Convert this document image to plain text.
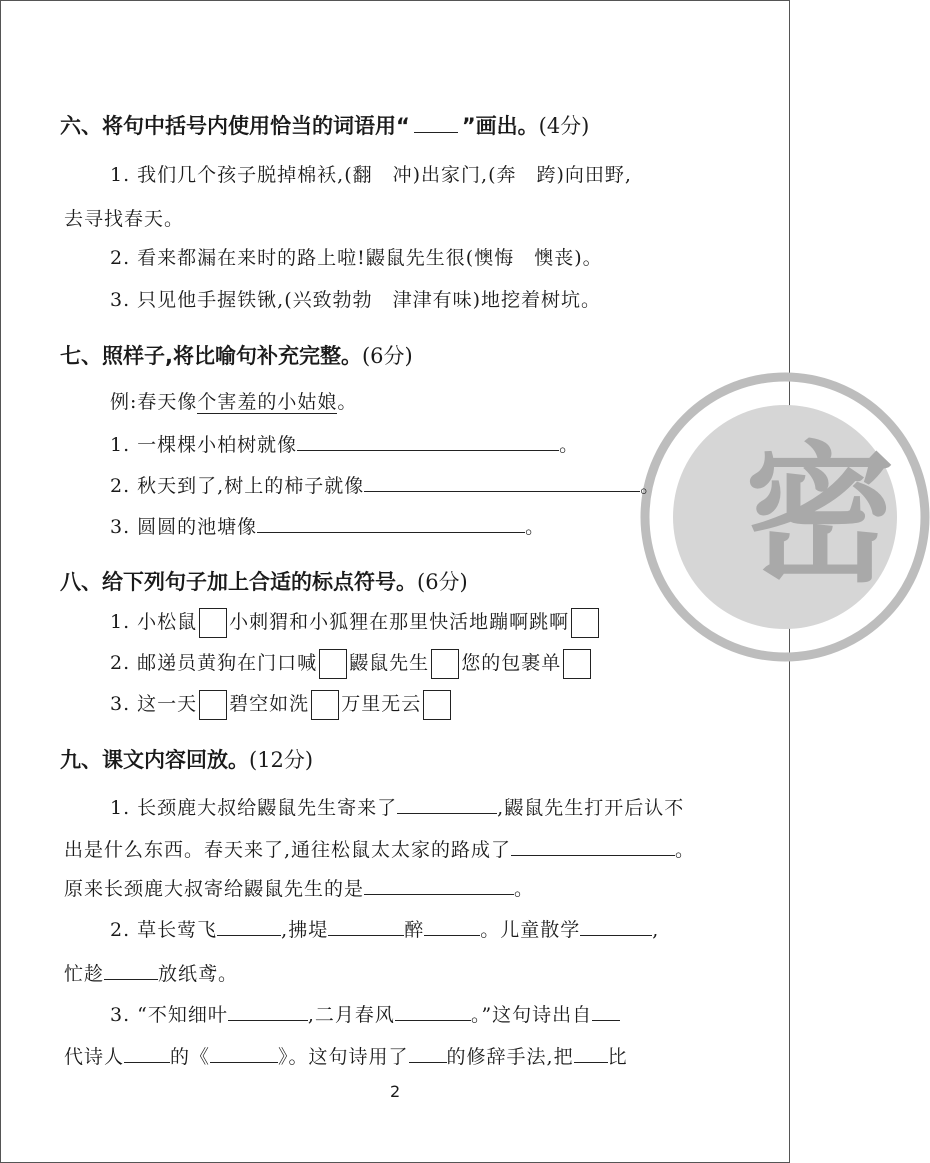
密
六、将句中括号内使用恰当的词语用“ ”画出。(4分)
1. 我们几个孩子脱掉棉袄,(翻　冲)出家门,(奔　跨)向田野,
去寻找春天。
2. 看来都漏在来时的路上啦!鼹鼠先生很(懊悔　懊丧)。
3. 只见他手握铁锹,(兴致勃勃　津津有味)地挖着树坑。
七、照样子,将比喻句补充完整。(6分)
例:春天像个害羞的小姑娘。
1. 一棵棵小柏树就像	。
2. 秋天到了,树上的柿子就像	。
3. 圆圆的池塘像	。
八、给下列句子加上合适的标点符号。(6分)
1. 小松鼠 小刺猬和小狐狸在那里快活地蹦啊跳啊
2. 邮递员黄狗在门口喊 鼹鼠先生 您的包裹单
3. 这一天 碧空如洗 万里无云
九、课文内容回放。(12分)
1. 长颈鹿大叔给鼹鼠先生寄来了	,鼹鼠先生打开后认不
出是什么东西。春天来了,通往松鼠太太家的路成了	。
原来长颈鹿大叔寄给鼹鼠先生的是	。
2. 草长莺飞	,拂堤	醉	。儿童散学	,
忙趁	放纸鸢。
3. “不知细叶	,二月春风	。”这句诗出自
代诗人 的《	》。这句诗用了 的修辞手法,把 比
2
